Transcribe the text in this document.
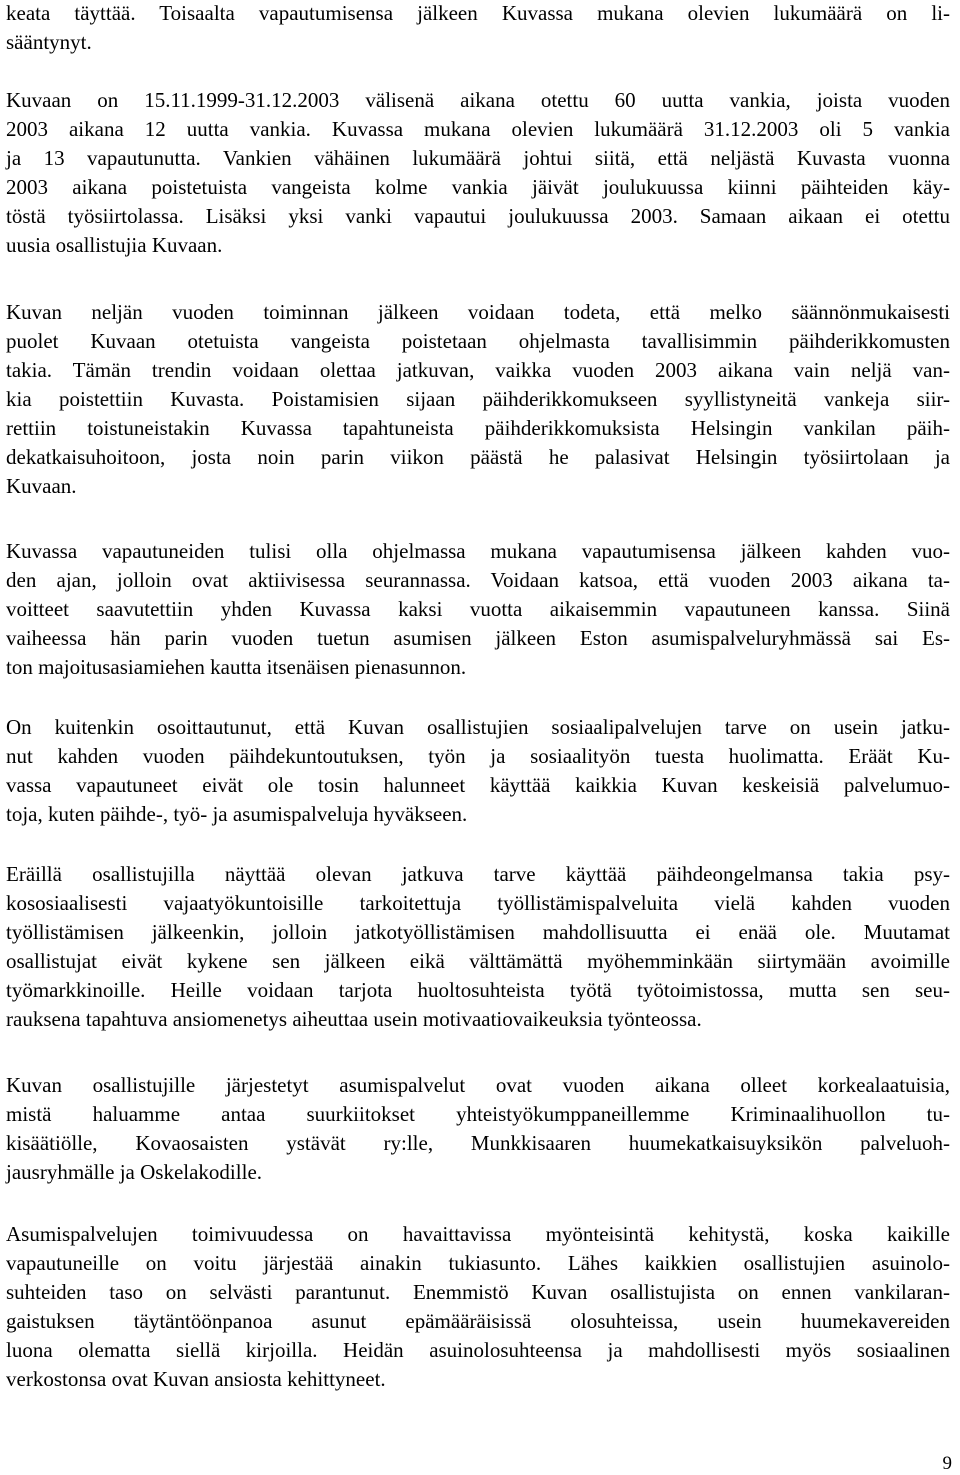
keata täyttää. Toisaalta vapautumisensa jälkeen Kuvassa mukana olevien lukumäärä on li-
sääntynyt.
Kuvaan on 15.11.1999-31.12.2003 välisenä aikana otettu 60 uutta vankia, joista vuoden
2003 aikana 12 uutta vankia. Kuvassa mukana olevien lukumäärä 31.12.2003 oli 5 vankia
ja 13 vapautunutta. Vankien vähäinen lukumäärä johtui siitä, että neljästä Kuvasta vuonna
2003 aikana poistetuista vangeista kolme vankia jäivät joulukuussa kiinni päihteiden käy-
töstä työsiirtolassa. Lisäksi yksi vanki vapautui joulukuussa 2003. Samaan aikaan ei otettu
uusia osallistujia Kuvaan.
Kuvan neljän vuoden toiminnan jälkeen voidaan todeta, että melko säännönmukaisesti
puolet Kuvaan otetuista vangeista poistetaan ohjelmasta tavallisimmin päihderikkomusten
takia. Tämän trendin voidaan olettaa jatkuvan, vaikka vuoden 2003 aikana vain neljä van-
kia poistettiin Kuvasta. Poistamisien sijaan päihderikkomukseen syyllistyneitä vankeja siir-
rettiin toistuneistakin Kuvassa tapahtuneista päihderikkomuksista Helsingin vankilan päih-
dekatkaisuhoitoon, josta noin parin viikon päästä he palasivat Helsingin työsiirtolaan ja
Kuvaan.
Kuvassa vapautuneiden tulisi olla ohjelmassa mukana vapautumisensa jälkeen kahden vuo-
den ajan, jolloin ovat aktiivisessa seurannassa. Voidaan katsoa, että vuoden 2003 aikana ta-
voitteet saavutettiin yhden Kuvassa kaksi vuotta aikaisemmin vapautuneen kanssa. Siinä
vaiheessa hän parin vuoden tuetun asumisen jälkeen Eston asumispalveluryhmässä sai Es-
ton majoitusasiamiehen kautta itsenäisen pienasunnon.
On kuitenkin osoittautunut, että Kuvan osallistujien sosiaalipalvelujen tarve on usein jatku-
nut kahden vuoden päihdekuntoutuksen, työn ja sosiaalityön tuesta huolimatta. Eräät Ku-
vassa vapautuneet eivät ole tosin halunneet käyttää kaikkia Kuvan keskeisiä palvelumuo-
toja, kuten päihde-, työ- ja asumispalveluja hyväkseen.
Eräillä osallistujilla näyttää olevan jatkuva tarve käyttää päihdeongelmansa takia psy-
kososiaalisesti vajaatyökuntoisille tarkoitettuja työllistämispalveluita vielä kahden vuoden
työllistämisen jälkeenkin, jolloin jatkotyöllistämisen mahdollisuutta ei enää ole. Muutamat
osallistujat eivät kykene sen jälkeen eikä välttämättä myöhemminkään siirtymään avoimille
työmarkkinoille. Heille voidaan tarjota huoltosuhteista työtä työtoimistossa, mutta sen seu-
rauksena tapahtuva ansiomenetys aiheuttaa usein motivaatiovaikeuksia työnteossa.
Kuvan osallistujille järjestetyt asumispalvelut ovat vuoden aikana olleet korkealaatuisia,
mistä haluamme antaa suurkiitokset yhteistyökumppaneillemme Kriminaalihuollon tu-
kisäätiölle, Kovaosaisten ystävät ry:lle, Munkkisaaren huumekatkaisuyksikön palveluoh-
jausryhmälle ja Oskelakodille.
Asumispalvelujen toimivuudessa on havaittavissa myönteisintä kehitystä, koska kaikille
vapautuneille on voitu järjestää ainakin tukiasunto. Lähes kaikkien osallistujien asuinolo-
suhteiden taso on selvästi parantunut. Enemmistö Kuvan osallistujista on ennen vankilaran-
gaistuksen täytäntöönpanoa asunut epämääräisissä olosuhteissa, usein huumekavereiden
luona olematta siellä kirjoilla. Heidän asuinolosuhteensa ja mahdollisesti myös sosiaalinen
verkostonsa ovat Kuvan ansiosta kehittyneet.
9
